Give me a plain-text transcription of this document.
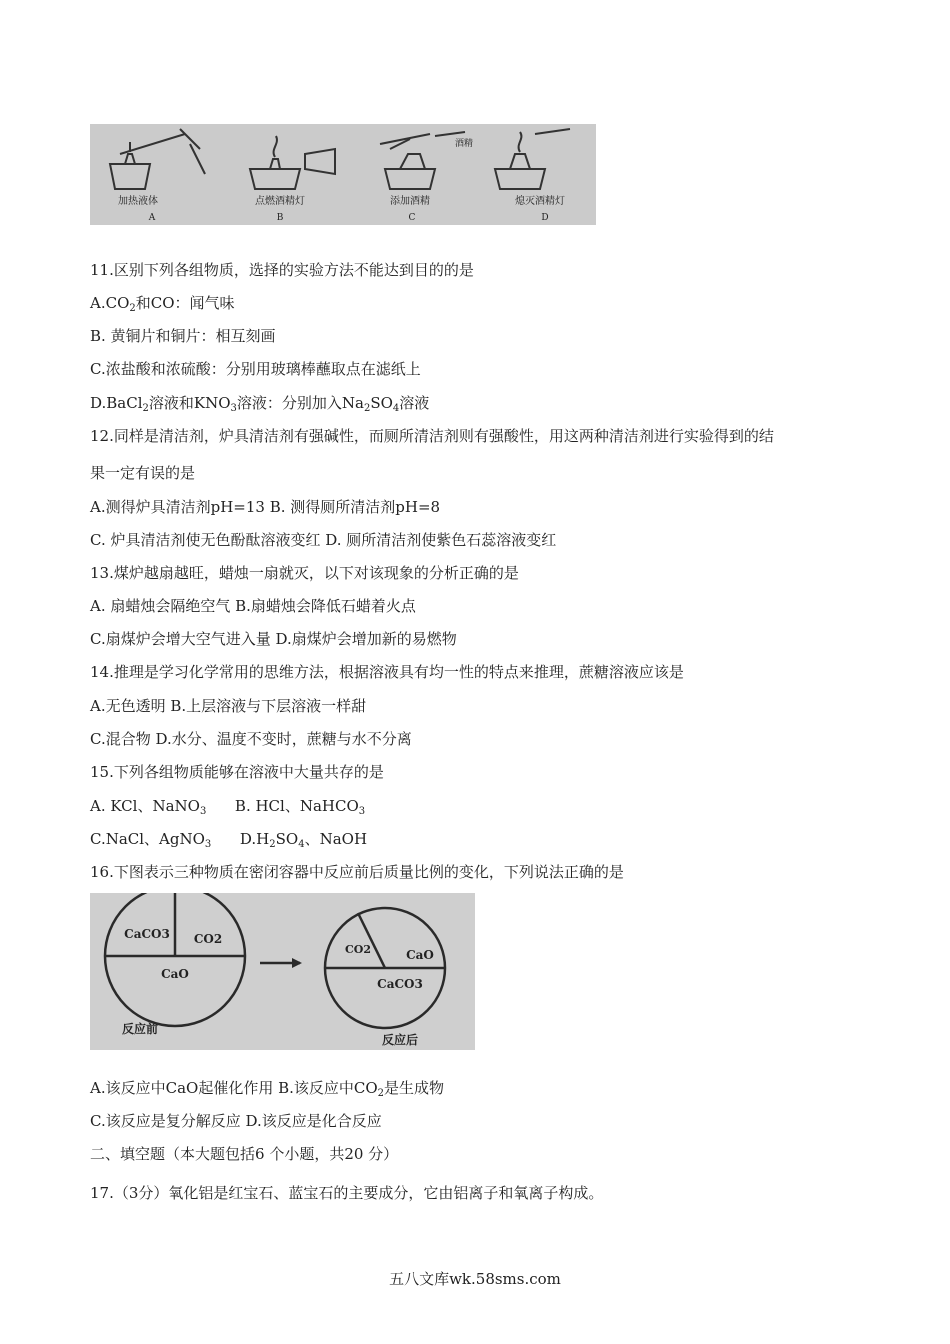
加热液体
A
点燃酒精灯
B
添加酒精
C
熄灭酒精灯
D
酒精
11.区别下列各组物质，选择的实验方法不能达到目的的是
$A.CO_2$和CO：闻气味
B. 黄铜片和铜片：相互刻画
C.浓盐酸和浓硫酸：分别用玻璃棒蘸取点在滤纸上
D.BaCl$_2$溶液和$KNO_3$溶液：分别加入$Na_2SO_4$溶液
12.同样是清洁剂，炉具清洁剂有强碱性，而厕所清洁剂则有强酸性，用这两种清洁剂进行实验得到的结
果一定有误的是
A.测得炉具清洁剂pH=13 B. 测得厕所清洁剂pH=8
C. 炉具清洁剂使无色酚酞溶液变红 D. 厕所清洁剂使紫色石蕊溶液变红
13.煤炉越扇越旺，蜡烛一扇就灭，以下对该现象的分析正确的是
A. 扇蜡烛会隔绝空气 B.扇蜡烛会降低石蜡着火点
C.扇煤炉会增大空气进入量 D.扇煤炉会增加新的易燃物
14.推理是学习化学常用的思维方法，根据溶液具有均一性的特点来推理，蔗糖溶液应该是
A.无色透明 B.上层溶液与下层溶液一样甜
C.混合物 D.水分、温度不变时，蔗糖与水不分离
15.下列各组物质能够在溶液中大量共存的是
A. KCl、NaNO$_3$      B. HCl、NaHCO$_3$
C.NaCl、AgNO$_3$      $D.H_2SO_4$、NaOH
16.下图表示三种物质在密闭容器中反应前后质量比例的变化，下列说法正确的是
CaCO3 CO2
CaO
反应前
CO2	CaO
CaCO3
反应后
A.该反应中CaO起催化作用 B.该反应中$CO_2$是生成物
C.该反应是复分解反应 D.该反应是化合反应
二、填空题（本大题包括6 个小题，共20 分）
17.（3分）氧化铝是红宝石、蓝宝石的主要成分，它由铝离子和氧离子构成。
五八文库wk.58sms.com
